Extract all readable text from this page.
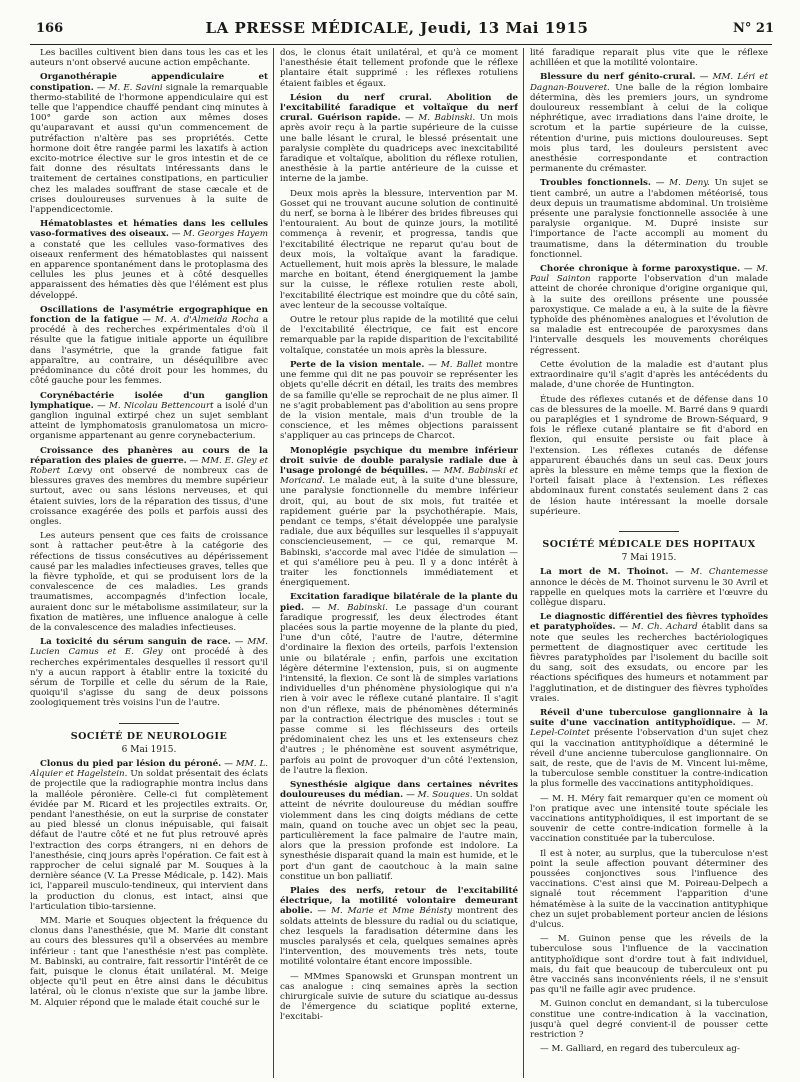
166	LA PRESSE MÉDICALE, Jeudi, 13 Mai 1915	N° 21

Les bacilles cultivent bien dans tous les cas et les auteurs n'ont observé aucune action empêchante.

Organothérapie appendiculaire et constipation. — M. E. Savini signale la remarquable thermo-stabilité de l'hormone appendiculaire qui est telle que l'appendice chauffé pendant cinq minutes à 100° garde son action aux mêmes doses qu'auparavant et aussi qu'un commencement de putréfaction n'altère pas ses propriétés. Cette hormone doit être rangée parmi les laxatifs à action excito-motrice élective sur le gros intestin et de ce fait donne des résultats intéressants dans le traitement de certaines constipations, en particulier chez les malades souffrant de stase cæcale et de crises douloureuses survenues à la suite de l'appendicectomie.

Hématoblastes et hématies dans les cellules vaso-formatives des oiseaux. — M. Georges Hayem a constaté que les cellules vaso-formatives des oiseaux renferment des hématoblastes qui naissent en apparence spontanément dans le protoplasma des cellules les plus jeunes et à côté desquelles apparaissent des hématies dès que l'élément est plus développé.

Oscillations de l'asymétrie ergographique en fonction de la fatigue — M. A. d'Almeida Rocha a procédé à des recherches expérimentales d'où il résulte que la fatigue initiale apporte un équilibre dans l'asymétrie, que la grande fatigue fait apparaître, au contraire, un déséquilibre avec prédominance du côté droit pour les hommes, du côté gauche pour les femmes.

Corynébactérie isolée d'un ganglion lymphatique. — M. Nicolau Bettencourt a isolé d'un ganglion inguinal extirpé chez un sujet semblant atteint de lymphomatosis granulomatosa un micro-organisme appartenant au genre corynebacterium.

Croissance des phanères au cours de la réparation des plaies de guerre. — MM. E. Gley et Robert Lœvy ont observé de nombreux cas de blessures graves des membres du membre supérieur surtout, avec ou sans lésions nerveuses, et qui étaient suivies, lors de la réparation des tissus, d'une croissance exagérée des poils et parfois aussi des ongles.

Les auteurs pensent que ces faits de croissance sont à rattacher peut-être à la catégorie des réfections de tissus consécutives au dépérissement causé par les maladies infectieuses graves, telles que la fièvre typhoïde, et qui se produisent lors de la convalescence de ces maladies. Les grands traumatismes, accompagnés d'infection locale, auraient donc sur le métabolisme assimilateur, sur la fixation de matières, une influence analogue à celle de la convalescence des maladies infectieuses.

La toxicité du sérum sanguin de race. — MM. Lucien Camus et E. Gley ont procédé à des recherches expérimentales desquelles il ressort qu'il n'y a aucun rapport à établir entre la toxicité du sérum de Torpille et celle du sérum de la Raie, quoiqu'il s'agisse du sang de deux poissons zoologiquement très voisins l'un de l'autre.

SOCIÉTÉ DE NEUROLOGIE
6 Mai 1915.

Clonus du pied par lésion du péroné. — MM. L. Alquier et Hagelstein. Un soldat présentait des éclats de projectile que la radiographie montra inclus dans la malléole péronière. Celle-ci fut complètement évidée par M. Ricard et les projectiles extraits. Or, pendant l'anesthésie, on eut la surprise de constater au pied blessé un clonus inépuisable, qui faisait défaut de l'autre côté et ne fut plus retrouvé après l'extraction des corps étrangers, ni en dehors de l'anesthésie, cinq jours après l'opération. Ce fait est à rapprocher de celui signalé par M. Souques à la dernière séance (V. La Presse Médicale, p. 142). Mais ici, l'appareil musculo-tendineux, qui intervient dans la production du clonus, est intact, ainsi que l'articulation tibio-tarsienne.

MM. Marie et Souques objectent la fréquence du clonus dans l'anesthésie, que M. Marie dit constant au cours des blessures qu'il a observées au membre inférieur : tant que l'anesthésie n'est pas complète. M. Babinski, au contraire, fait ressortir l'intérêt de ce fait, puisque le clonus était unilatéral. M. Meige objecte qu'il peut en être ainsi dans le décubitus latéral, où le clonus n'existe que sur la jambe libre. M. Alquier répond que le malade était couché sur le

dos, le clonus était unilatéral, et qu'à ce moment l'anesthésie était tellement profonde que le réflexe plantaire était supprimé : les réflexes rotuliens étaient faibles et égaux.

Lésion du nerf crural. Abolition de l'excitabilité faradique et voltaïque du nerf crural. Guérison rapide. — M. Babinski. Un mois après avoir reçu à la partie supérieure de la cuisse une balle lésant le crural, le blessé présentait une paralysie complète du quadriceps avec inexcitabilité faradique et voltaïque, abolition du réflexe rotulien, anesthésie à la partie antérieure de la cuisse et interne de la jambe.

Deux mois après la blessure, intervention par M. Gosset qui ne trouvant aucune solution de continuité du nerf, se borna à le libérer des brides fibreuses qui l'entouraient. Au bout de quinze jours, la motilité commença à revenir, et progressa, tandis que l'excitabilité électrique ne reparut qu'au bout de deux mois, la voltaïque avant la faradique. Actuellement, huit mois après la blessure, le malade marche en boitant, étend énergiquement la jambe sur la cuisse, le réflexe rotulien reste aboli, l'excitabilité électrique est moindre que du côté sain, avec lenteur de la secousse voltaïque.

Outre le retour plus rapide de la motilité que celui de l'excitabilité électrique, ce fait est encore remarquable par la rapide disparition de l'excitabilité voltaïque, constatée un mois après la blessure.

Perte de la vision mentale. — M. Ballet montre une femme qui dit ne pas pouvoir se représenter les objets qu'elle décrit en détail, les traits des membres de sa famille qu'elle se reprochait de ne plus aimer. Il ne s'agit probablement pas d'abolition au sens propre de la vision mentale, mais d'un trouble de la conscience, et les mêmes objections paraissent s'appliquer au cas princeps de Charcot.

Monoplégie psychique du membre inférieur droit suivie de double paralysie radiale due à l'usage prolongé de béquilles. — MM. Babinski et Moricand. Le malade eut, à la suite d'une blessure, une paralysie fonctionnelle du membre inférieur droit, qui, au bout de six mois, fut traitée et rapidement guérie par la psychothérapie. Mais, pendant ce temps, s'était développée une paralysie radiale, due aux béquilles sur lesquelles il s'appuyait consciencieusement, — ce qui, remarque M. Babinski, s'accorde mal avec l'idée de simulation — et qui s'améliore peu à peu. Il y a donc intérêt à traiter les fonctionnels immédiatement et énergiquement.

Excitation faradique bilatérale de la plante du pied. — M. Babinski. Le passage d'un courant faradique progressif, les deux électrodes étant placées sous la partie moyenne de la plante du pied, l'une d'un côté, l'autre de l'autre, détermine d'ordinaire la flexion des orteils, parfois l'extension unie ou bilatérale ; enfin, parfois une excitation légère détermine l'extension, puis, si on augmente l'intensité, la flexion. Ce sont là de simples variations individuelles d'un phénomène physiologique qui n'a rien à voir avec le réflexe cutané plantaire. Il s'agit non d'un réflexe, mais de phénomènes déterminés par la contraction électrique des muscles : tout se passe comme si les fléchisseurs des orteils prédominaient chez les uns et les extenseurs chez d'autres ; le phénomène est souvent asymétrique, parfois au point de provoquer d'un côté l'extension, de l'autre la flexion.

Synesthésie algique dans certaines névrites douloureuses du médian. — M. Souques. Un soldat atteint de névrite douloureuse du médian souffre violemment dans les cinq doigts médians de cette main, quand on touche avec un objet sec la peau, particulièrement la face palmaire de l'autre main, alors que la pression profonde est indolore. La synesthésie disparait quand la main est humide, et le port d'un gant de caoutchouc à la main saine constitue un bon palliatif.

Plaies des nerfs, retour de l'excitabilité électrique, la motilité volontaire demeurant abolie. — M. Marie et Mme Bénisty montrent des soldats atteints de blessure du radial ou du sciatique, chez lesquels la faradisation détermine dans les muscles paralysés et cela, quelques semaines après l'intervention, des mouvements très nets, toute motilité volontaire étant encore impossible.

— MMmes Spanowski et Grunspan montrent un cas analogue : cinq semaines après la section chirurgicale suivie de suture du sciatique au-dessus de l'émergence du sciatique poplité externe, l'excitabi-

lité faradique reparait plus vite que le réflexe achilléen et que la motilité volontaire.

Blessure du nerf génito-crural. — MM. Léri et Dagnan-Bouveret. Une balle de la région lombaire détermina, dès les premiers jours, un syndrome douloureux ressemblant à celui de la colique néphrétique, avec irradiations dans l'aine droite, le scrotum et la partie supérieure de la cuisse, rétention d'urine, puis mictions douloureuses. Sept mois plus tard, les douleurs persistent avec anesthésie correspondante et contraction permanente du crémaster.

Troubles fonctionnels. — M. Deny. Un sujet se tient cambré, un autre a l'abdomen météorisé, tous deux depuis un traumatisme abdominal. Un troisième présente une paralysie fonctionnelle associée à une paralysie organique. M. Dupré insiste sur l'importance de l'acte accompli au moment du traumatisme, dans la détermination du trouble fonctionnel.

Chorée chronique à forme paroxystique. — M. Paul Sainton rapporte l'observation d'un malade atteint de chorée chronique d'origine organique qui, à la suite des oreillons présente une poussée paroxystique. Ce malade a eu, à la suite de la fièvre typhoïde des phénomènes analogues et l'évolution de sa maladie est entrecoupée de paroxysmes dans l'intervalle desquels les mouvements choréiques régressent.

Cette évolution de la maladie est d'autant plus extraordinaire qu'il s'agit d'après les antécédents du malade, d'une chorée de Huntington.

Étude des réflexes cutanés et de défense dans 10 cas de blessures de la moelle. M. Barré dans 9 quardi ou paraplégies et 1 syndrome de Brown-Séquard, 9 fois le réflexe cutané plantaire se fit d'abord en flexion, qui ensuite persiste ou fait place à l'extension. Les réflexes cutanés de défense apparurent ébauchés dans un seul cas. Deux jours après la blessure en même temps que la flexion de l'orteil faisait place à l'extension. Les réflexes abdominaux furent constatés seulement dans 2 cas de lésion haute intéressant la moelle dorsale supérieure.

SOCIÉTÉ MÉDICALE DES HOPITAUX
7 Mai 1915.

La mort de M. Thoinot. — M. Chantemesse annonce le décès de M. Thoinot survenu le 30 Avril et rappelle en quelques mots la carrière et l'œuvre du collègue disparu.

Le diagnostic différentiel des fièvres typhoïdes et paratyphoïdes. — M. Ch. Achard établit dans sa note que seules les recherches bactériologiques permettent de diagnostiquer avec certitude les fièvres paratyphoïdes par l'isolement du bacille soit du sang, soit des exsudats, ou encore par les réactions spécifiques des humeurs et notamment par l'agglutination, et de distinguer des fièvres typhoïdes vraies.

Réveil d'une tuberculose ganglionnaire à la suite d'une vaccination antityphoïdique. — M. Lepel-Cointet présente l'observation d'un sujet chez qui la vaccination antityphoïdique a déterminé le réveil d'une ancienne tuberculose ganglionnaire. On sait, de reste, que de l'avis de M. Vincent lui-même, la tuberculose semble constituer la contre-indication la plus formelle des vaccinations antityphoïdiques.

— M. H. Méry fait remarquer qu'en ce moment où l'on pratique avec une intensité toute spéciale les vaccinations antityphoïdiques, il est important de se souvenir de cette contre-indication formelle à la vaccination constituée par la tuberculose.

Il est à noter, au surplus, que la tuberculose n'est point la seule affection pouvant déterminer des poussées conjonctives sous l'influence des vaccinations. C'est ainsi que M. Poireau-Delpech a signalé tout récemment l'apparition d'une hématémèse à la suite de la vaccination antityphique chez un sujet probablement porteur ancien de lésions d'ulcus.

— M. Guinon pense que les réveils de la tuberculose sous l'influence de la vaccination antityphoïdique sont d'ordre tout à fait individuel, mais, du fait que beaucoup de tuberculeux ont pu être vaccinés sans inconvénients réels, il ne s'ensuit pas qu'il ne faille agir avec prudence.

M. Guinon conclut en demandant, si la tuberculose constitue une contre-indication à la vaccination, jusqu'à quel degré convient-il de pousser cette restriction ?

— M. Galliard, en regard des tuberculeux ag-
